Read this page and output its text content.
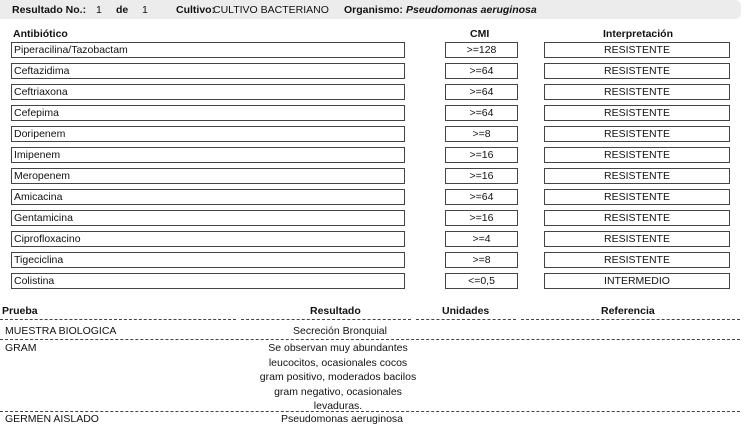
Resultado No.: 1 de 1	Cultivo:
CULTIVO BACTERIANO Organismo: Pseudomonas aeruginosa
Antibiótico	CMI	Interpretación
Piperacilina/Tazobactam	>=128	RESISTENTE
Ceftazidima	>=64	RESISTENTE
Ceftriaxona	>=64	RESISTENTE
Cefepima	>=64	RESISTENTE
Doripenem	>=8	RESISTENTE
Imipenem	>=16	RESISTENTE
Meropenem	>=16	RESISTENTE
Amicacina	>=64	RESISTENTE
Gentamicina	>=16	RESISTENTE
Ciprofloxacino	>=4	RESISTENTE
Tigeciclina	>=8	RESISTENTE
Colistina	<=0,5	INTERMEDIO
Prueba	Resultado	Unidades	Referencia
MUESTRA BIOLOGICA	Secreción Bronquial
GRAM	Se observan muy abundantes
leucocitos, ocasionales cocos
gram positivo, moderados bacilos
gram negativo, ocasionales
levaduras.
GERMEN AISLADO	Pseudomonas aeruginosa
